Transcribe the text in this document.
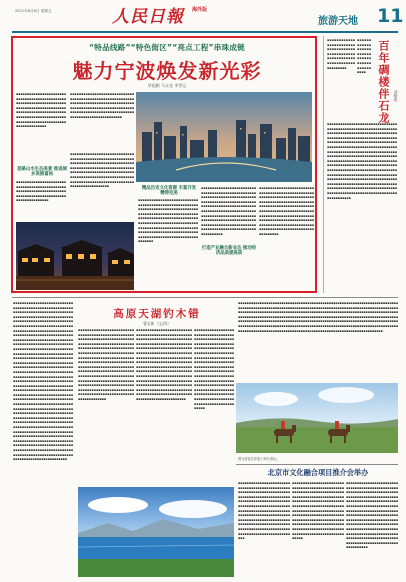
2021年8月6日 星期五	人民日報	海外版
旅游天地 11
“特品线路”“特色街区”“亮点工程”串珠成链
魅力宁波焕发新光彩
华超颖 马永龙 李世运
▪▪▪▪▪▪▪▪▪▪▪▪▪▪▪▪▪▪▪▪▪▪▪▪▪▪▪▪▪▪▪▪▪▪▪▪▪▪▪▪▪▪▪▪▪▪▪▪▪▪▪▪▪▪▪▪▪▪▪▪▪▪▪▪▪▪▪▪▪▪▪▪▪▪▪▪▪▪▪▪▪▪▪▪▪▪▪▪▪▪▪▪▪▪▪▪▪▪▪▪▪▪▪▪▪▪▪▪▪▪▪▪▪▪▪▪▪▪▪▪▪▪▪▪▪▪▪▪▪▪▪▪▪▪▪▪▪▪▪▪▪▪▪▪▪▪▪▪▪▪▪▪▪▪▪▪▪▪▪▪▪▪▪▪▪▪▪▪▪▪▪▪▪▪▪
思路山水生态美景 推进城乡美丽富裕
▪▪▪▪▪▪▪▪▪▪▪▪▪▪▪▪▪▪▪▪▪▪▪▪▪▪▪▪▪▪▪▪▪▪▪▪▪▪▪▪▪▪▪▪▪▪▪▪▪▪▪▪▪▪▪▪▪▪▪▪▪▪▪▪▪▪▪▪▪▪▪▪▪▪▪▪▪▪▪▪▪▪▪▪▪▪▪▪▪▪▪▪▪▪▪▪▪▪▪▪▪▪▪▪▪▪▪
▪▪▪▪▪▪▪▪▪▪▪▪▪▪▪▪▪▪▪▪▪▪▪▪▪▪▪▪▪▪▪▪▪▪▪▪▪▪▪▪▪▪▪▪▪▪▪▪▪▪▪▪▪▪▪▪▪▪▪▪▪▪▪▪▪▪▪▪▪▪▪▪▪▪▪▪▪▪▪▪▪▪▪▪▪▪▪▪▪▪▪▪▪▪▪▪▪▪▪▪▪▪▪▪▪▪▪▪▪▪▪▪▪▪▪▪▪▪▪▪▪▪▪▪▪▪▪▪▪▪▪▪▪▪▪▪▪▪▪▪▪▪▪▪▪▪▪▪▪▪▪▪▪▪▪▪▪▪▪▪▪▪▪▪▪▪▪▪▪
▪▪▪▪▪▪▪▪▪▪▪▪▪▪▪▪▪▪▪▪▪▪▪▪▪▪▪▪▪▪▪▪▪▪▪▪▪▪▪▪▪▪▪▪▪▪▪▪▪▪▪▪▪▪▪▪▪▪▪▪▪▪▪▪▪▪▪▪▪▪▪▪▪▪▪▪▪▪▪▪▪▪▪▪▪▪▪▪▪▪▪▪▪▪▪▪▪▪▪▪▪▪▪▪▪▪▪▪▪▪▪▪▪▪▪▪▪▪▪▪▪▪▪▪▪▪▪▪▪▪▪▪▪▪▪▪▪▪▪▪▪▪▪▪▪▪▪▪▪▪▪▪▪▪▪▪▪▪▪▪▪▪▪▪▪▪▪▪▪▪▪▪▪▪▪▪▪▪▪▪▪▪▪▪▪▪▪▪▪▪▪▪▪▪▪▪▪▪▪▪▪▪▪▪▪▪▪▪▪▪▪▪▪▪▪▪▪▪▪▪▪	精品历史文化资源 丰富开发精得完美
▪▪▪▪▪▪▪▪▪▪▪▪▪▪▪▪▪▪▪▪▪▪▪▪▪▪▪▪▪▪▪▪▪▪▪▪▪▪▪▪▪▪▪▪▪▪▪▪▪▪▪▪▪▪▪▪▪▪▪▪▪▪▪▪▪▪▪▪▪▪▪▪▪▪▪▪▪▪▪▪▪▪▪▪▪▪▪▪▪▪▪▪▪▪▪▪▪▪▪▪▪▪▪▪▪▪▪▪▪▪▪▪▪▪▪▪▪▪▪▪▪▪▪▪▪▪▪▪▪▪▪▪▪▪▪▪▪▪▪▪▪▪▪▪▪▪▪▪▪▪▪▪▪▪▪▪▪▪▪▪▪▪▪▪▪▪▪▪▪▪▪▪▪▪▪▪▪▪▪▪▪▪▪▪▪▪▪▪▪▪▪▪▪▪▪▪▪▪▪▪▪▪▪▪▪▪▪▪▪▪▪▪▪▪▪▪▪▪▪▪▪▪▪▪▪▪▪▪▪▪▪▪▪▪▪▪▪▪▪▪▪▪▪▪▪▪▪▪▪▪
▪▪▪▪▪▪▪▪▪▪▪▪▪▪▪▪▪▪▪▪▪▪▪▪▪▪▪▪▪▪▪▪▪▪▪▪▪▪▪▪▪▪▪▪▪▪▪▪▪▪▪▪▪▪▪▪▪▪▪▪▪▪▪▪▪▪▪▪▪▪▪▪▪▪▪▪▪▪▪▪▪▪▪▪▪▪▪▪▪▪▪▪▪▪▪▪▪▪▪▪▪▪▪▪▪▪▪▪▪▪▪▪▪▪▪▪▪▪▪▪▪▪▪▪▪▪▪▪▪▪▪▪▪▪▪▪▪▪▪▪▪▪▪▪▪▪▪▪▪▪▪▪▪▪▪▪▪▪▪▪▪▪▪▪▪▪▪▪▪▪▪▪▪▪▪▪▪▪▪▪▪▪▪▪▪▪▪▪▪▪▪▪▪▪▪▪▪▪▪▪▪▪▪▪▪▪▪▪▪▪▪▪▪▪▪▪▪▪▪▪▪▪▪▪▪▪▪▪▪▪▪▪▪▪▪▪▪▪▪▪▪▪▪▪▪▪▪▪▪▪▪▪▪▪▪▪▪▪▪▪
打造产业融合新业态 推动经济品质提高质
▪▪▪▪▪▪▪▪▪▪▪▪▪▪▪▪▪▪▪▪▪▪▪▪▪▪▪▪▪▪▪▪▪▪▪▪▪▪▪▪▪▪▪▪▪▪▪▪▪▪▪▪▪▪▪▪▪▪▪▪▪▪▪▪▪▪▪▪▪▪▪▪▪▪▪▪▪▪▪▪▪▪▪▪▪▪▪▪▪▪▪▪▪▪▪▪▪▪▪▪▪▪▪▪▪▪▪▪▪▪▪▪▪▪▪▪▪▪▪▪▪▪▪▪▪▪▪▪▪▪▪▪▪▪▪▪▪▪▪▪▪▪▪▪▪▪▪▪▪▪▪▪▪▪▪▪▪▪▪▪▪▪▪▪▪▪▪▪▪▪▪▪▪▪▪▪▪▪▪▪▪▪▪▪▪▪▪▪▪▪▪▪▪▪▪▪▪▪▪▪▪▪▪▪▪▪▪▪▪▪▪▪▪▪▪▪▪▪▪▪▪▪▪▪▪▪▪▪▪▪▪▪▪▪▪▪▪▪▪▪▪▪▪▪▪▪▪▪▪▪▪▪▪▪▪▪▪▪▪
▪▪▪▪▪▪▪▪▪▪▪▪▪▪▪▪▪▪▪▪▪▪▪▪▪▪▪▪▪▪▪▪▪▪▪▪▪▪▪▪▪▪▪▪▪▪▪▪▪▪▪▪▪▪▪▪▪▪▪▪▪▪▪▪▪▪▪▪▪▪▪▪▪▪▪▪▪▪▪▪▪
▪▪▪▪▪▪▪▪▪▪▪▪▪▪▪▪▪▪▪▪▪▪▪▪▪▪▪▪▪▪▪▪▪▪▪▪▪▪▪▪▪▪▪▪▪▪	百年碉楼伴石龙	刘晓燕
▪▪▪▪▪▪▪▪▪▪▪▪▪▪▪▪▪▪▪▪▪▪▪▪▪▪▪▪▪▪▪▪▪▪▪▪▪▪▪▪▪▪▪▪▪▪▪▪▪▪▪▪▪▪▪▪▪▪▪▪▪▪▪▪▪▪▪▪▪▪▪▪▪▪▪▪▪▪▪▪▪▪▪▪▪▪▪▪▪▪▪▪▪▪▪▪▪▪▪▪▪▪▪▪▪▪▪▪▪▪▪▪▪▪▪▪▪▪▪▪▪▪▪▪▪▪▪▪▪▪▪▪▪▪▪▪▪▪▪▪▪▪▪▪▪▪▪▪▪▪▪▪▪▪▪▪▪▪▪▪▪▪▪▪▪▪▪▪▪▪▪▪▪▪▪▪▪▪▪▪▪▪▪▪▪▪▪▪▪▪▪▪▪▪▪▪▪▪▪▪▪▪▪▪▪▪▪▪▪▪▪▪▪▪▪▪▪▪▪▪▪▪▪▪▪▪▪▪▪▪▪▪▪▪▪▪▪▪▪▪▪▪▪▪▪▪▪▪▪▪▪▪▪▪▪▪▪▪▪▪▪▪▪▪▪▪▪▪▪▪▪▪▪▪▪▪▪▪▪▪▪▪▪▪▪▪▪▪▪▪▪▪▪▪▪▪▪▪▪▪▪▪▪▪▪▪▪▪▪▪▪▪▪▪▪▪▪▪▪▪▪▪▪▪▪▪▪▪▪▪▪▪▪▪▪▪▪▪▪▪▪▪▪▪▪▪▪▪▪▪▪▪▪▪▪▪▪▪▪▪▪▪▪▪▪▪▪▪▪▪▪▪▪▪▪▪▪▪▪▪▪▪▪▪▪▪▪▪▪▪▪▪▪▪▪▪▪▪▪▪▪▪▪▪▪▪▪▪▪▪▪▪▪▪▪▪▪▪▪▪▪▪▪▪▪▪▪▪▪▪▪▪▪▪▪▪▪▪▪▪▪▪▪▪▪▪▪▪▪▪▪▪▪▪▪▪▪▪▪▪▪▪▪▪▪▪▪▪▪▪▪▪▪▪▪▪▪▪▪▪▪▪▪▪▪▪▪▪▪▪▪▪▪▪▪▪▪▪▪▪▪▪▪▪▪▪▪▪▪▪▪▪▪▪▪▪▪▪▪▪▪▪▪
▪▪▪▪▪▪▪▪▪▪▪▪▪▪▪▪▪▪▪▪▪▪▪▪▪▪▪▪▪▪▪▪▪▪▪▪▪▪▪▪▪▪▪▪▪▪▪▪▪▪▪▪▪▪▪▪▪▪▪▪▪▪▪▪▪▪▪▪▪▪▪▪▪▪▪▪▪▪▪▪▪▪▪▪▪▪▪▪▪▪▪▪▪▪▪▪▪▪▪▪▪▪▪▪▪▪▪▪▪▪▪▪▪▪▪▪▪▪▪▪▪▪▪▪▪▪▪▪▪▪▪▪▪▪▪▪▪▪▪▪▪▪▪▪▪▪▪▪▪▪▪▪▪▪▪▪▪▪▪▪▪▪▪▪▪▪▪▪▪▪▪▪▪▪▪▪▪▪▪▪▪▪▪▪▪▪▪▪▪▪▪▪▪▪▪▪▪▪▪▪▪▪▪▪▪▪▪▪▪▪▪▪▪▪▪▪▪▪▪▪▪▪▪▪▪▪▪▪▪▪▪▪▪▪▪▪▪▪▪▪▪▪▪▪▪▪▪▪▪▪▪▪▪▪▪▪▪▪▪▪▪▪▪▪▪▪▪▪▪▪▪▪▪▪▪▪▪▪▪▪▪▪▪▪▪▪▪▪▪▪▪▪▪▪▪▪▪▪▪▪▪▪▪▪▪▪▪▪▪▪▪▪▪▪▪▪▪▪▪▪▪▪▪▪▪▪▪▪▪▪▪▪▪▪▪▪▪▪▪▪▪▪▪▪▪▪▪▪▪▪▪▪▪▪▪▪▪▪▪▪▪▪▪▪▪▪▪▪▪▪▪▪▪▪▪▪▪▪▪▪▪▪▪▪▪▪▪▪▪▪▪▪▪▪▪▪▪▪▪▪▪▪▪▪▪▪▪▪▪▪▪▪▪▪▪▪▪▪▪▪▪▪▪▪▪▪▪▪▪▪▪▪▪▪▪▪▪▪▪▪▪▪▪▪▪▪▪▪▪▪▪▪▪▪▪▪▪▪▪▪▪▪▪▪▪▪▪▪▪▪▪▪▪▪▪▪▪▪▪▪▪▪▪▪▪▪▪▪▪▪▪▪▪▪▪▪▪▪▪▪▪▪▪▪▪▪▪▪▪▪▪▪▪▪▪▪▪▪▪▪▪▪▪▪▪▪▪▪▪▪▪▪▪▪▪▪▪▪▪▪▪▪▪▪▪▪▪▪▪▪▪▪▪▪▪▪▪▪▪▪▪▪▪▪▪▪▪▪▪▪▪▪▪▪▪▪▪▪▪▪▪▪▪▪▪▪▪▪▪▪▪▪▪▪▪▪▪▪▪▪▪▪▪▪▪▪▪▪▪▪▪▪▪▪▪▪▪▪▪▪▪▪▪▪▪▪▪▪▪▪▪▪▪▪▪▪▪▪▪▪▪▪▪▪▪▪▪▪▪▪▪▪▪▪▪▪▪▪▪▪▪▪▪▪▪▪▪▪▪▪▪▪▪▪▪▪▪▪▪▪▪▪▪▪▪▪▪▪▪▪▪▪▪▪▪▪▪▪▪▪▪▪▪▪▪▪▪▪▪▪▪▪▪▪▪▪▪▪▪▪▪▪▪▪▪▪▪▪▪▪▪▪▪▪▪▪▪▪▪▪▪▪▪▪▪▪▪▪▪▪▪▪▪▪▪▪▪▪▪▪▪▪▪▪▪▪▪▪▪▪▪▪▪▪▪▪▪▪▪▪▪▪▪▪▪▪▪▪▪▪▪▪▪▪▪▪▪▪▪▪▪▪▪▪▪▪▪▪▪▪▪▪▪▪▪▪▪▪▪▪▪▪▪▪▪▪▪▪▪▪▪▪▪▪▪▪▪▪▪▪▪▪▪▪▪▪▪▪▪▪▪▪▪▪▪▪▪▪▪▪▪▪▪▪▪▪▪▪▪▪▪▪▪▪▪▪▪▪▪▪▪▪▪▪▪▪▪▪▪▪▪▪▪▪▪▪▪▪▪▪▪▪▪▪▪▪▪▪▪▪▪▪▪▪▪▪▪▪▪▪▪▪▪▪▪▪▪▪▪▪▪▪▪▪▪▪▪▪▪▪▪▪▪
高原天湖钓木错
曹志新（文/图）
▪▪▪▪▪▪▪▪▪▪▪▪▪▪▪▪▪▪▪▪▪▪▪▪▪▪▪▪▪▪▪▪▪▪▪▪▪▪▪▪▪▪▪▪▪▪▪▪▪▪▪▪▪▪▪▪▪▪▪▪▪▪▪▪▪▪▪▪▪▪▪▪▪▪▪▪▪▪▪▪▪▪▪▪▪▪▪▪▪▪▪▪▪▪▪▪▪▪▪▪▪▪▪▪▪▪▪▪▪▪▪▪▪▪▪▪▪▪▪▪▪▪▪▪▪▪▪▪▪▪▪▪▪▪▪▪▪▪▪▪▪▪▪▪▪▪▪▪▪▪▪▪▪▪▪▪▪▪▪▪▪▪▪▪▪▪▪▪▪▪▪▪▪▪▪▪▪▪▪▪▪▪▪▪▪▪▪▪▪▪▪▪▪▪▪▪▪▪▪▪▪▪▪▪▪▪▪▪▪▪▪▪▪▪▪▪▪▪▪▪▪▪▪▪▪▪▪▪▪▪▪▪▪▪▪▪▪▪▪▪▪▪▪▪▪▪▪▪▪▪▪▪▪▪▪▪▪▪▪▪▪▪▪▪▪▪▪▪▪▪▪▪▪▪▪▪▪▪▪▪▪▪▪▪▪▪▪▪▪▪▪▪▪▪▪▪▪▪▪▪▪▪▪▪▪▪▪▪▪▪▪▪▪▪▪▪▪▪▪▪▪▪▪▪▪▪▪▪▪▪▪▪▪▪▪▪▪▪▪▪▪▪▪▪▪▪▪▪▪▪▪▪▪▪▪▪▪▪▪▪▪▪▪▪▪▪▪▪▪▪▪▪▪▪▪▪▪▪▪▪▪▪▪▪▪▪▪▪
▪▪▪▪▪▪▪▪▪▪▪▪▪▪▪▪▪▪▪▪▪▪▪▪▪▪▪▪▪▪▪▪▪▪▪▪▪▪▪▪▪▪▪▪▪▪▪▪▪▪▪▪▪▪▪▪▪▪▪▪▪▪▪▪▪▪▪▪▪▪▪▪▪▪▪▪▪▪▪▪▪▪▪▪▪▪▪▪▪▪▪▪▪▪▪▪▪▪▪▪▪▪▪▪▪▪▪▪▪▪▪▪▪▪▪▪▪▪▪▪▪▪▪▪▪▪▪▪▪▪▪▪▪▪▪▪▪▪▪▪▪▪▪▪▪▪▪▪▪▪▪▪▪▪▪▪▪▪▪▪▪▪▪▪▪▪▪▪▪▪▪▪▪▪▪▪▪▪▪▪▪▪▪▪▪▪▪▪▪▪▪▪▪▪▪▪▪▪▪▪▪▪▪▪▪▪▪▪▪▪▪▪▪▪▪▪▪▪▪▪▪▪▪▪▪▪▪▪▪▪▪▪▪▪▪▪▪▪▪▪▪▪▪▪▪▪▪▪▪▪▪▪▪▪▪▪▪▪▪▪▪▪▪▪▪▪▪▪▪▪▪▪▪▪▪▪▪▪▪▪▪▪▪▪▪▪▪▪▪▪▪▪▪▪▪▪▪▪▪▪▪▪▪▪▪▪▪▪▪▪▪▪▪▪▪▪▪▪▪▪▪▪▪▪▪▪▪▪▪▪▪▪▪▪▪▪▪▪▪▪▪▪▪▪▪▪▪▪▪▪▪▪▪▪▪▪▪▪▪▪▪▪▪▪▪▪▪▪▪▪▪▪▪▪▪▪▪▪▪▪▪▪▪▪▪▪▪▪▪▪▪▪▪▪▪▪▪▪
▪▪▪▪▪▪▪▪▪▪▪▪▪▪▪▪▪▪▪▪▪▪▪▪▪▪▪▪▪▪▪▪▪▪▪▪▪▪▪▪▪▪▪▪▪▪▪▪▪▪▪▪▪▪▪▪▪▪▪▪▪▪▪▪▪▪▪▪▪▪▪▪▪▪▪▪▪▪▪▪▪▪▪▪▪▪▪▪▪▪▪▪▪▪▪▪▪▪▪▪▪▪▪▪▪▪▪▪▪▪▪▪▪▪▪▪▪▪▪▪▪▪▪▪▪▪▪▪▪▪▪▪▪▪▪▪▪▪▪▪▪▪▪▪▪▪▪▪▪▪▪▪▪▪▪▪▪▪▪▪▪▪▪▪▪▪▪▪▪▪▪▪▪▪▪▪▪▪▪▪▪▪▪▪▪▪▪▪▪▪▪▪▪▪▪▪▪▪▪▪▪▪▪▪▪▪▪▪▪▪▪▪▪▪▪▪▪▪▪▪▪▪▪▪▪▪▪▪▪▪▪▪▪▪▪▪▪▪▪▪▪▪▪▪▪▪▪▪▪▪▪▪▪▪▪▪▪▪▪▪▪▪▪▪▪▪▪▪▪▪▪▪▪▪▪▪▪▪▪▪▪▪▪▪▪▪▪▪▪▪▪▪▪▪▪▪▪▪▪▪▪▪▪▪▪▪▪▪▪▪▪
图为游客在草原上骑马游玩。
▪▪▪▪▪▪▪▪▪▪▪▪▪▪▪▪▪▪▪▪▪▪▪▪▪▪▪▪▪▪▪▪▪▪▪▪▪▪▪▪▪▪▪▪▪▪▪▪▪▪▪▪▪▪▪▪▪▪▪▪▪▪▪▪▪▪▪▪▪▪▪▪▪▪▪▪▪▪▪▪▪▪▪▪▪▪▪▪▪▪▪▪▪▪▪▪▪▪▪▪▪▪▪▪▪▪▪▪▪▪▪▪▪▪▪▪▪▪▪▪▪▪▪▪▪▪▪▪▪▪▪▪▪▪▪▪▪▪▪▪▪▪▪▪▪▪▪▪▪▪▪▪▪▪▪▪▪▪▪▪▪▪▪▪▪▪▪▪▪▪▪▪▪▪▪▪▪▪▪▪▪▪▪▪▪▪▪▪▪▪▪▪▪▪▪▪▪▪▪▪▪▪▪▪▪▪▪▪▪▪▪▪▪▪▪▪▪▪▪▪▪▪▪▪▪▪▪▪▪▪▪▪▪▪▪▪▪▪▪▪▪▪▪▪▪▪▪▪▪▪▪▪▪▪▪▪▪▪▪▪▪▪▪▪▪▪▪▪▪▪▪▪▪▪▪▪▪▪▪▪▪▪▪▪▪▪▪▪▪▪▪▪▪▪▪▪▪▪▪▪▪▪▪▪▪▪▪▪▪▪▪▪▪▪▪▪▪▪▪▪▪▪▪▪▪▪▪▪▪▪▪▪▪▪▪▪▪▪▪▪▪▪▪▪▪▪▪▪▪▪▪▪▪▪▪▪▪▪▪▪▪▪▪▪▪▪▪▪▪▪▪▪▪▪▪▪▪▪▪▪▪▪▪▪▪▪▪▪▪▪▪▪▪▪▪▪▪▪▪▪▪▪▪▪▪▪▪▪▪▪▪▪▪▪▪▪▪▪▪▪▪▪▪▪▪▪▪▪▪▪▪▪▪▪▪▪▪▪▪▪▪▪▪▪▪▪▪▪▪▪▪▪▪▪▪▪▪▪▪▪▪▪▪▪▪▪▪▪▪▪▪▪▪▪▪▪▪▪▪▪▪▪▪▪▪▪▪▪▪▪▪▪▪▪▪▪▪▪▪▪▪▪▪▪▪▪▪▪▪▪▪
北京市文化融合项目推介会举办
▪▪▪▪▪▪▪▪▪▪▪▪▪▪▪▪▪▪▪▪▪▪▪▪▪▪▪▪▪▪▪▪▪▪▪▪▪▪▪▪▪▪▪▪▪▪▪▪▪▪▪▪▪▪▪▪▪▪▪▪▪▪▪▪▪▪▪▪▪▪▪▪▪▪▪▪▪▪▪▪▪▪▪▪▪▪▪▪▪▪▪▪▪▪▪▪▪▪▪▪▪▪▪▪▪▪▪▪▪▪▪▪▪▪▪▪▪▪▪▪▪▪▪▪▪▪▪▪▪▪▪▪▪▪▪▪▪▪▪▪▪▪▪▪▪▪▪▪▪▪▪▪▪▪▪▪▪▪▪▪▪▪▪▪▪▪▪▪▪▪▪▪▪▪▪▪▪▪▪▪▪▪▪▪▪▪▪▪▪▪▪▪▪▪▪▪▪▪▪▪▪▪▪▪▪▪▪▪▪▪▪▪▪▪▪▪▪▪▪▪▪▪▪▪▪▪▪▪▪▪▪▪▪▪▪▪▪▪▪▪▪▪▪▪▪▪▪▪▪▪▪▪▪▪▪▪▪▪▪▪▪▪▪▪▪▪▪▪▪▪▪▪▪▪▪▪▪▪▪▪▪▪▪▪▪▪▪▪▪▪▪
▪▪▪▪▪▪▪▪▪▪▪▪▪▪▪▪▪▪▪▪▪▪▪▪▪▪▪▪▪▪▪▪▪▪▪▪▪▪▪▪▪▪▪▪▪▪▪▪▪▪▪▪▪▪▪▪▪▪▪▪▪▪▪▪▪▪▪▪▪▪▪▪▪▪▪▪▪▪▪▪▪▪▪▪▪▪▪▪▪▪▪▪▪▪▪▪▪▪▪▪▪▪▪▪▪▪▪▪▪▪▪▪▪▪▪▪▪▪▪▪▪▪▪▪▪▪▪▪▪▪▪▪▪▪▪▪▪▪▪▪▪▪▪▪▪▪▪▪▪▪▪▪▪▪▪▪▪▪▪▪▪▪▪▪▪▪▪▪▪▪▪▪▪▪▪▪▪▪▪▪▪▪▪▪▪▪▪▪▪▪▪▪▪▪▪▪▪▪▪▪▪▪▪▪▪▪▪▪▪▪▪▪▪▪▪▪▪▪▪▪▪▪▪▪▪▪▪▪▪▪▪▪▪▪▪▪▪▪▪▪▪▪▪▪▪▪▪▪▪▪▪▪▪▪▪▪▪▪▪▪▪▪▪▪▪▪▪▪▪▪▪▪▪▪▪▪▪▪▪▪▪▪▪▪▪▪▪▪▪▪▪▪▪
▪▪▪▪▪▪▪▪▪▪▪▪▪▪▪▪▪▪▪▪▪▪▪▪▪▪▪▪▪▪▪▪▪▪▪▪▪▪▪▪▪▪▪▪▪▪▪▪▪▪▪▪▪▪▪▪▪▪▪▪▪▪▪▪▪▪▪▪▪▪▪▪▪▪▪▪▪▪▪▪▪▪▪▪▪▪▪▪▪▪▪▪▪▪▪▪▪▪▪▪▪▪▪▪▪▪▪▪▪▪▪▪▪▪▪▪▪▪▪▪▪▪▪▪▪▪▪▪▪▪▪▪▪▪▪▪▪▪▪▪▪▪▪▪▪▪▪▪▪▪▪▪▪▪▪▪▪▪▪▪▪▪▪▪▪▪▪▪▪▪▪▪▪▪▪▪▪▪▪▪▪▪▪▪▪▪▪▪▪▪▪▪▪▪▪▪▪▪▪▪▪▪▪▪▪▪▪▪▪▪▪▪▪▪▪▪▪▪▪▪▪▪▪▪▪▪▪▪▪▪▪▪▪▪▪▪▪▪▪▪▪▪▪▪▪▪▪▪▪▪▪▪▪▪▪▪▪▪▪▪▪▪▪▪▪▪▪▪▪▪▪▪▪▪▪▪▪▪▪▪▪▪▪▪▪▪▪▪▪▪▪▪▪▪▪▪▪▪▪▪▪▪▪▪▪▪▪▪▪▪▪▪▪▪▪▪▪▪▪▪▪▪▪▪▪▪▪▪▪▪▪▪▪▪▪▪▪▪▪▪▪▪▪▪▪▪
